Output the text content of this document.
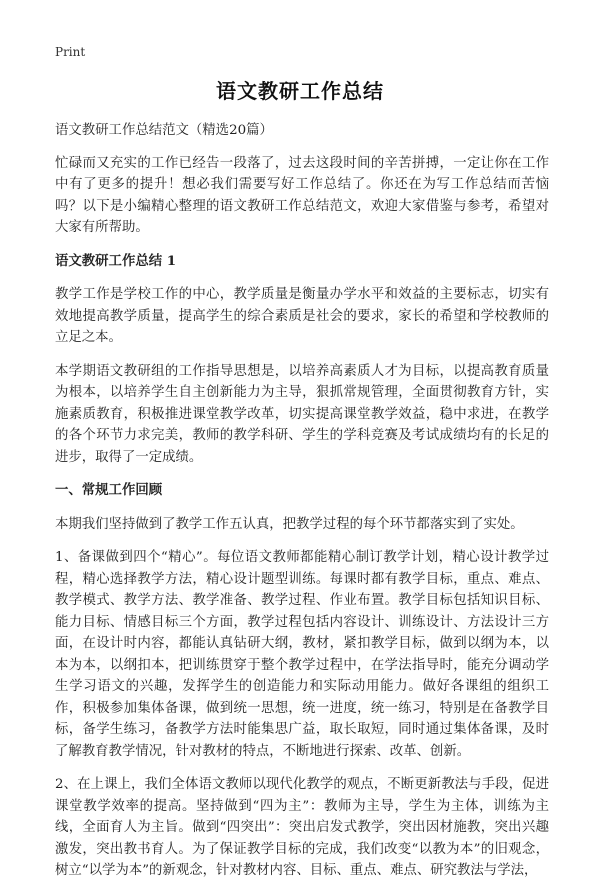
Print
语文教研工作总结

语文教研工作总结范文（精选20篇）

忙碌而又充实的工作已经告一段落了，过去这段时间的辛苦拼搏，一定让你在工作中有了更多的提升！想必我们需要写好工作总结了。你还在为写工作总结而苦恼吗？以下是小编精心整理的语文教研工作总结范文，欢迎大家借鉴与参考，希望对大家有所帮助。

语文教研工作总结 1

教学工作是学校工作的中心，教学质量是衡量办学水平和效益的主要标志，切实有效地提高教学质量，提高学生的综合素质是社会的要求，家长的希望和学校教师的立足之本。

本学期语文教研组的工作指导思想是，以培养高素质人才为目标，以提高教育质量为根本，以培养学生自主创新能力为主导，狠抓常规管理，全面贯彻教育方针，实施素质教育，积极推进课堂教学改革，切实提高课堂教学效益，稳中求进，在教学的各个环节力求完美，教师的教学科研、学生的学科竞赛及考试成绩均有的长足的进步，取得了一定成绩。

一、常规工作回顾

本期我们坚持做到了教学工作五认真，把教学过程的每个环节都落实到了实处。

1、备课做到四个“精心”。每位语文教师都能精心制订教学计划，精心设计教学过程，精心选择教学方法，精心设计题型训练。每课时都有教学目标，重点、难点、教学模式、教学方法、教学准备、教学过程、作业布置。教学目标包括知识目标、能力目标、情感目标三个方面，教学过程包括内容设计、训练设计、方法设计三方面，在设计时内容，都能认真钻研大纲，教材，紧扣教学目标，做到以纲为本，以本为本，以纲扣本，把训练贯穿于整个教学过程中，在学法指导时，能充分调动学生学习语文的兴趣，发挥学生的创造能力和实际动用能力。做好各课组的组织工作，积极参加集体备课，做到统一思想，统一进度，统一练习，特别是在备教学目标，备学生练习，备教学方法时能集思广益，取长取短，同时通过集体备课，及时了解教育教学情况，针对教材的特点，不断地进行探索、改革、创新。

2、在上课上，我们全体语文教师以现代化教学的观点，不断更新教法与手段，促进课堂教学效率的提高。坚持做到“四为主”：教师为主导，学生为主体，训练为主线，全面育人为主旨。做到“四突出”：突出启发式教学，突出因材施教，突出兴趣激发，突出教书育人。为了保证教学目标的完成，我们改变“以教为本”的旧观念，树立“以学为本”的新观念，针对教材内容、目标、重点、难点、研究教法与学法，
